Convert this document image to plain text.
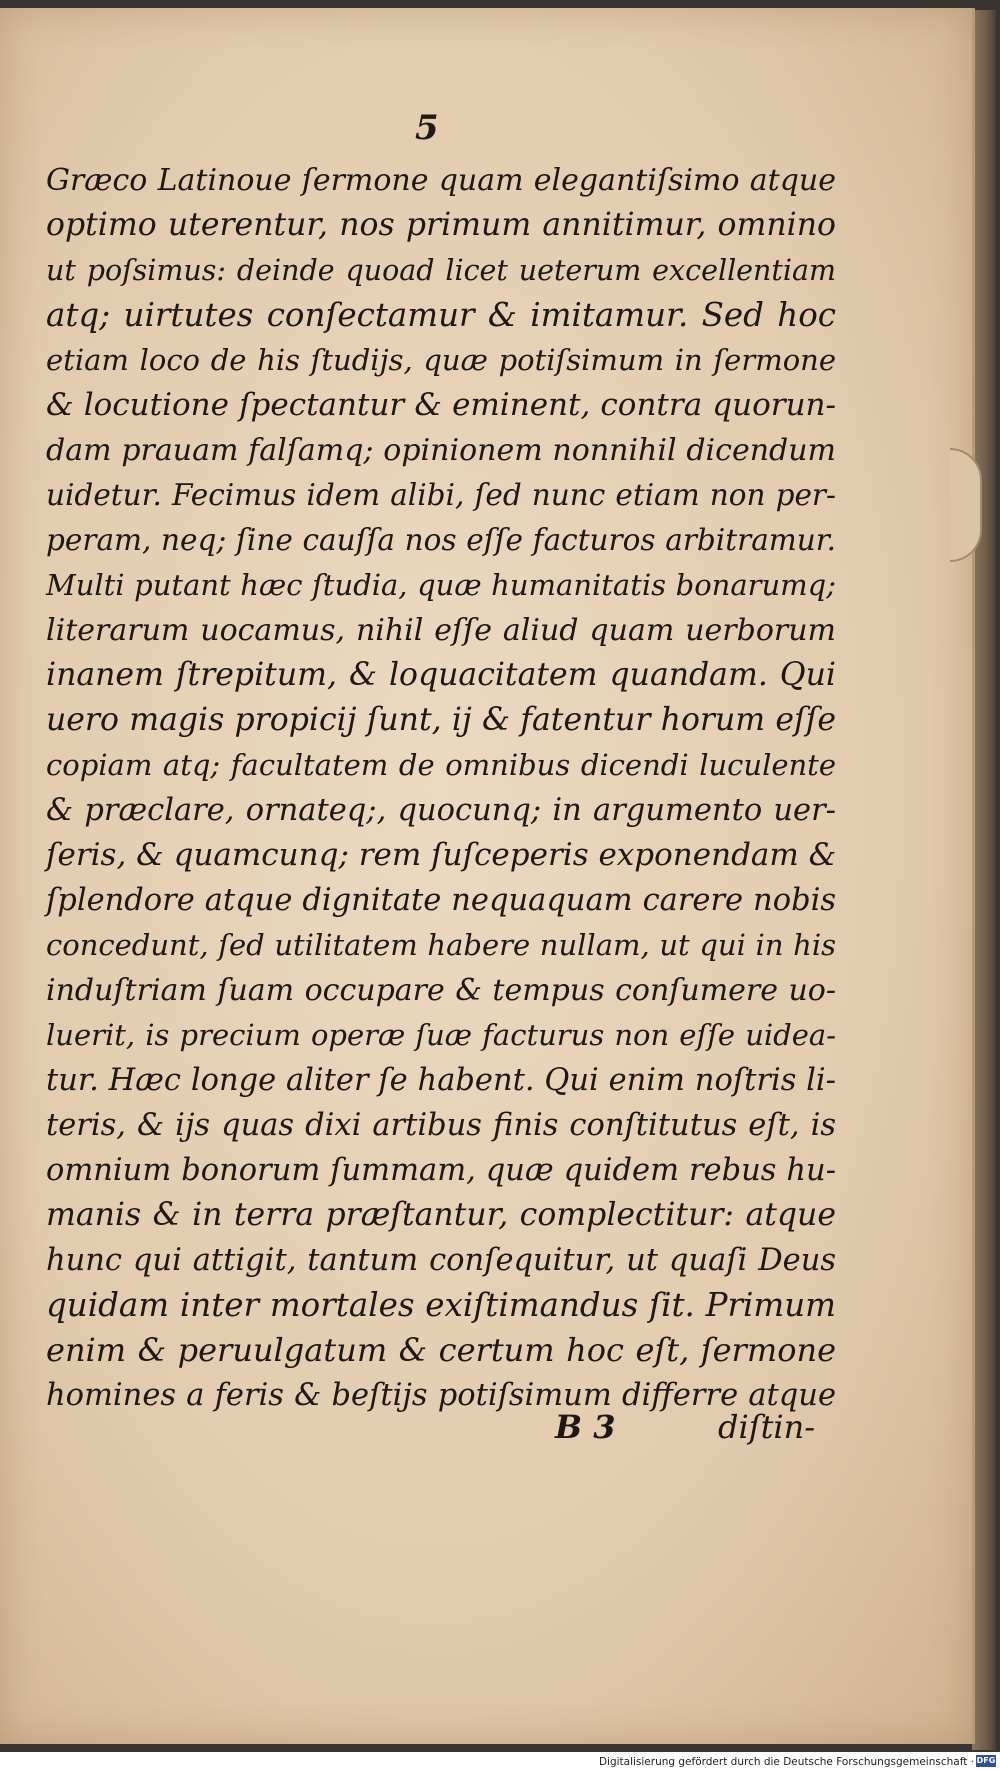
5
Græco Latinoue ſermone quam elegantiſsimo atque
optimo uterentur, nos primum annitimur, omnino
ut poſsimus: deinde quoad licet ueterum excellentiam
atq; uirtutes conſectamur & imitamur. Sed hoc
etiam loco de his ſtudijs, quæ potiſsimum in ſermone
& locutione ſpectantur & eminent, contra quorun-
dam prauam falſamq; opinionem nonnihil dicendum
uidetur. Fecimus idem alibi, ſed nunc etiam non per-
peram, neq; ſine cauſſa nos eſſe facturos arbitramur.
Multi putant hæc ſtudia, quæ humanitatis bonarumq;
literarum uocamus, nihil eſſe aliud quam uerborum
inanem ſtrepitum, & loquacitatem quandam. Qui
uero magis propicij ſunt, ij & fatentur horum eſſe
copiam atq; facultatem de omnibus dicendi luculente
& præclare, ornateq;, quocunq; in argumento uer-
ſeris, & quamcunq; rem ſuſceperis exponendam &
ſplendore atque dignitate nequaquam carere nobis
concedunt, ſed utilitatem habere nullam, ut qui in his
induſtriam ſuam occupare & tempus conſumere uo-
luerit, is precium operæ ſuæ facturus non eſſe uidea-
tur. Hæc longe aliter ſe habent. Qui enim noſtris li-
teris, & ijs quas dixi artibus finis conſtitutus eſt, is
omnium bonorum ſummam, quæ quidem rebus hu-
manis & in terra præſtantur, complectitur: atque
hunc qui attigit, tantum conſequitur, ut quaſi Deus
quidam inter mortales exiſtimandus ſit. Primum
enim & peruulgatum & certum hoc eſt, ſermone
homines a feris & beſtijs potiſsimum differre atque
B 3	diſtin-
Digitalisierung gefördert durch die Deutsche Forschungsgemeinschaft · DFG
